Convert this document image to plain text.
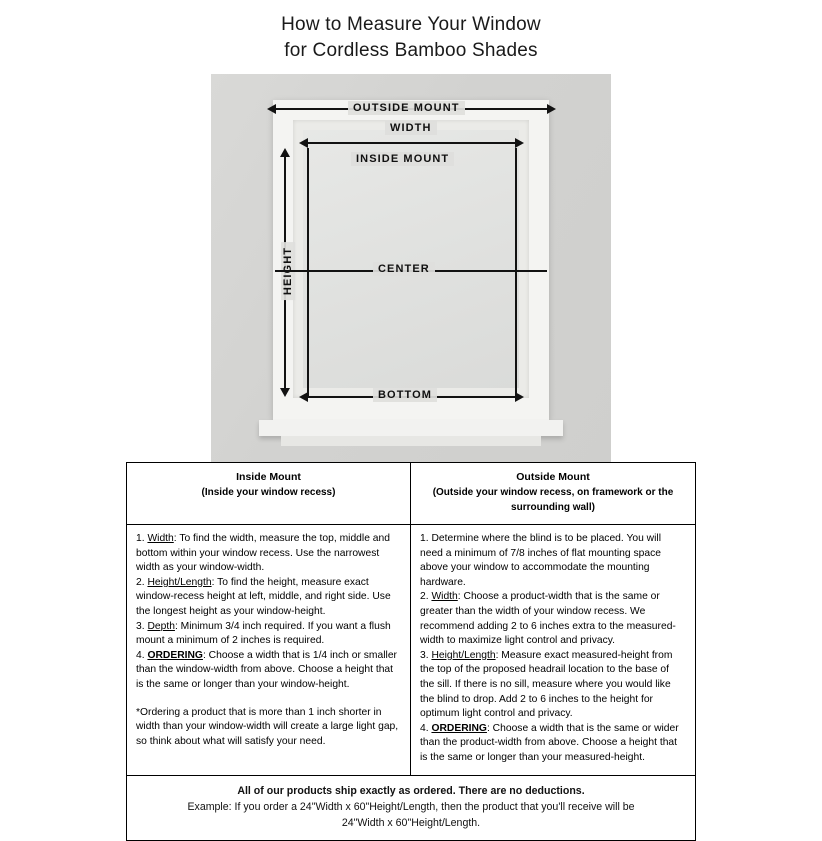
How to Measure Your Window
for Cordless Bamboo Shades
OUTSIDE MOUNT
WIDTH
INSIDE MOUNT
CENTER
BOTTOM
Inside Mount
(Inside your window recess)
Outside Mount
(Outside your window recess, on framework or the surrounding wall)

1. Width: To find the width, measure the top, middle and bottom within your window recess. Use the narrowest width as your window-width.

2. Height/Length: To find the height, measure exact window-recess height at left, middle, and right side. Use the longest height as your window-height.

3. Depth: Minimum 3/4 inch required. If you want a flush mount a minimum of 2 inches is required.

4. ORDERING: Choose a width that is 1/4 inch or smaller than the window-width from above. Choose a height that is the same or longer than your window-height.

*Ordering a product that is more than 1 inch shorter in width than your window-width will create a large light gap, so think about what will satisfy your need.

1. Determine where the blind is to be placed. You will need a minimum of 7/8 inches of flat mounting space above your window to accommodate the mounting hardware.

2. Width: Choose a product-width that is the same or greater than the width of your window recess. We recommend adding 2 to 6 inches extra to the measured-width to maximize light control and privacy.

3. Height/Length: Measure exact measured-height from the top of the proposed headrail location to the base of the sill. If there is no sill, measure where you would like the blind to drop. Add 2 to 6 inches to the height for optimum light control and privacy.

4. ORDERING: Choose a width that is the same or wider than the product-width from above. Choose a height that is the same or longer than your measured-height.

All of our products ship exactly as ordered. There are no deductions.
Example: If you order a 24"Width x 60"Height/Length, then the product that you'll receive will be
24"Width x 60"Height/Length.
